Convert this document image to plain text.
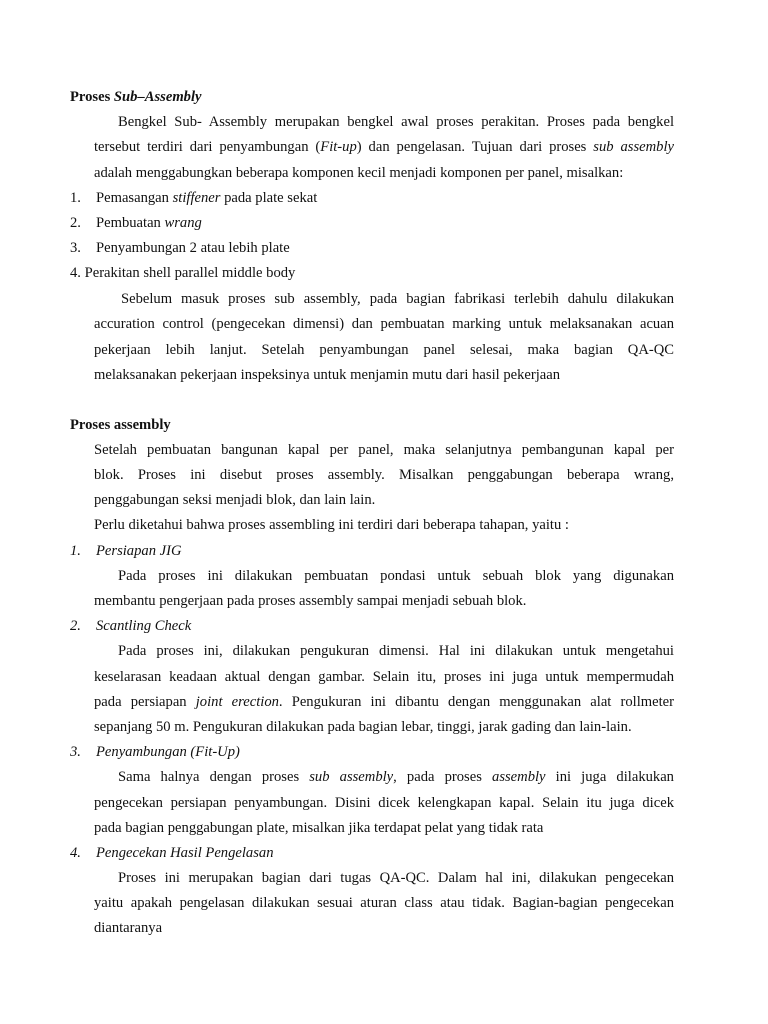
Proses Sub–Assembly
Bengkel Sub- Assembly merupakan bengkel awal proses perakitan. Proses pada bengkel
tersebut terdiri dari penyambungan (Fit-up) dan pengelasan. Tujuan dari proses sub assembly
adalah menggabungkan beberapa komponen kecil menjadi komponen per panel, misalkan:
1. Pemasangan stiffener pada plate sekat
2. Pembuatan wrang
3. Penyambungan 2 atau lebih plate
4. Perakitan shell parallel middle body
Sebelum masuk proses sub assembly, pada bagian fabrikasi terlebih dahulu dilakukan
accuration control (pengecekan dimensi) dan pembuatan marking untuk melaksanakan acuan
pekerjaan lebih lanjut. Setelah penyambungan panel selesai, maka bagian QA-QC
melaksanakan pekerjaan inspeksinya untuk menjamin mutu dari hasil pekerjaan
Proses assembly
Setelah pembuatan bangunan kapal per panel, maka selanjutnya pembangunan kapal per
blok. Proses ini disebut proses assembly. Misalkan penggabungan beberapa wrang,
penggabungan seksi menjadi blok, dan lain lain.
Perlu diketahui bahwa proses assembling ini terdiri dari beberapa tahapan, yaitu :
1. Persiapan JIG
Pada proses ini dilakukan pembuatan pondasi untuk sebuah blok yang digunakan
membantu pengerjaan pada proses assembly sampai menjadi sebuah blok.
2. Scantling Check
Pada proses ini, dilakukan pengukuran dimensi. Hal ini dilakukan untuk mengetahui
keselarasan keadaan aktual dengan gambar. Selain itu, proses ini juga untuk mempermudah
pada persiapan joint erection. Pengukuran ini dibantu dengan menggunakan alat rollmeter
sepanjang 50 m. Pengukuran dilakukan pada bagian lebar, tinggi, jarak gading dan lain-lain.
3. Penyambungan (Fit-Up)
Sama halnya dengan proses sub assembly, pada proses assembly ini juga dilakukan
pengecekan persiapan penyambungan. Disini dicek kelengkapan kapal. Selain itu juga dicek
pada bagian penggabungan plate, misalkan jika terdapat pelat yang tidak rata
4. Pengecekan Hasil Pengelasan
Proses ini merupakan bagian dari tugas QA-QC. Dalam hal ini, dilakukan pengecekan
yaitu apakah pengelasan dilakukan sesuai aturan class atau tidak. Bagian-bagian pengecekan
diantaranya
